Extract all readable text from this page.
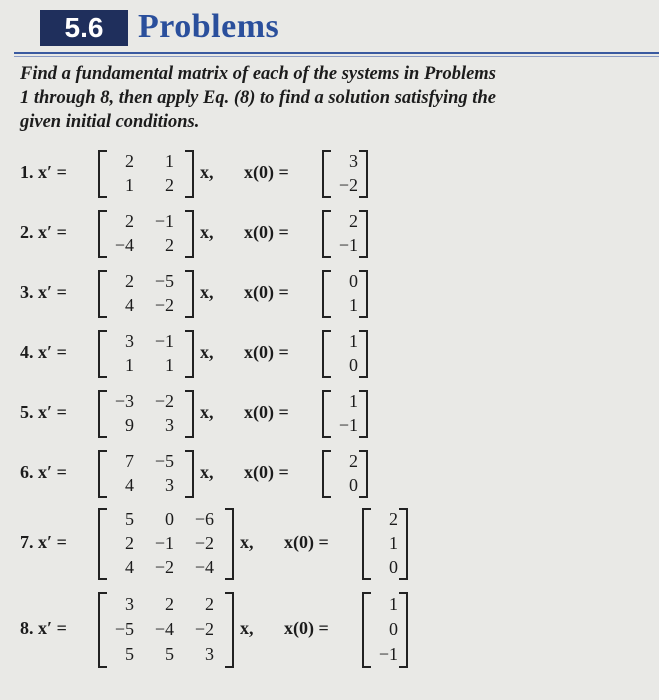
5.6	Problems
Find a fundamental matrix of each of the systems in Problems
1 through 8, then apply Eq. (8) to find a solution satisfying the
given initial conditions.
1. x′ =
2	1
1	2
x, x(0) =
3
−2
2. x′ =
2	−1
−4	2
x, x(0) =
2
−1
3. x′ =
2	−5
4	−2
x, x(0) =
0
1
4. x′ =
3	−1
1	1
x, x(0) =
1
0
5. x′ =
−3	−2
9	3
x, x(0) =
1
−1
6. x′ =
7	−5
4	3
x, x(0) =
2
0
7. x′ =
5	0	−6
2	−1	−2
4	−2	−4
x, x(0) =
2
1
0
8. x′ =
3	2	2
−5	−4	−2
5	5	3
x, x(0) =
1
0
−1
